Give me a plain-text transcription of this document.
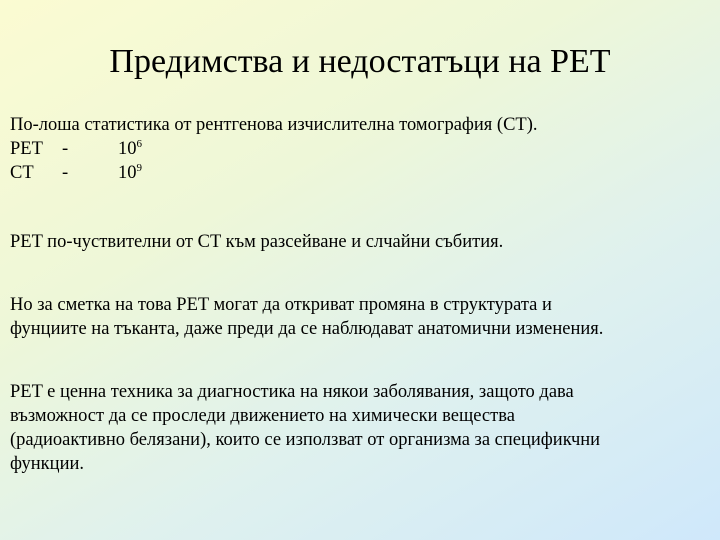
Предимства и недостатъци на PET
По-лоша статистика от рентгенова изчислителна томография (CT).
PET	-	$10^6$
CT	-	$10^9$
PET по-чуствителни от CT към разсейване и слчайни събития.
Но за сметка на това PET могат да откриват промяна в структурата и
фунциите на тъканта, даже преди да се наблюдават анатомични изменения.
PET е ценна техника за диагностика на някои заболявания, защото дава
възможност да се проследи движението на химически вещества
(радиоактивно белязани), които се използват от организма за спецификчни
функции.
